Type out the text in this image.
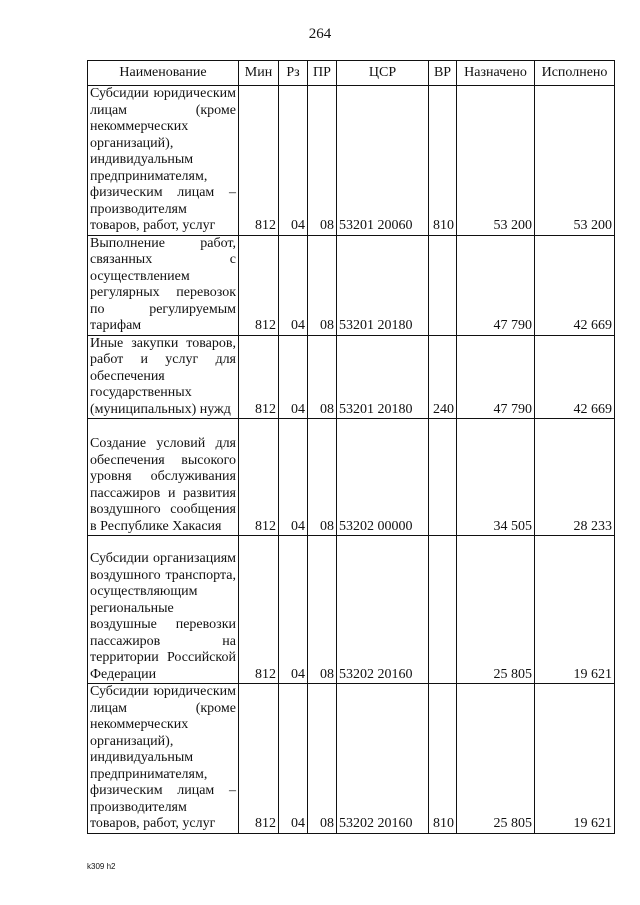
264
Наименование	Мин	Рз	ПР	ЦСР	ВР	Назначено	Исполнено
Субсидии юридическим лицам (кроме некоммерческих организаций), индивидуальным предпринимателям, физическим лицам – производителям товаров, работ, услуг	812	04	08	53201 20060	810	53 200	53 200
Выполнение работ, связанных с осуществлением регулярных перевозок по регулируемым тарифам	812	04	08	53201 20180		47 790	42 669
Иные закупки товаров, работ и услуг для обеспечения государственных (муниципальных) нужд	812	04	08	53201 20180	240	47 790	42 669
Создание условий для обеспечения высокого уровня обслуживания пассажиров и развития воздушного сообщения в Республике Хакасия	812	04	08	53202 00000		34 505	28 233
Субсидии организациям воздушного транспорта, осуществляющим региональные воздушные перевозки пассажиров на территории Российской Федерации	812	04	08	53202 20160		25 805	19 621
Субсидии юридическим лицам (кроме некоммерческих организаций), индивидуальным предпринимателям, физическим лицам – производителям товаров, работ, услуг	812	04	08	53202 20160	810	25 805	19 621
k309 h2
